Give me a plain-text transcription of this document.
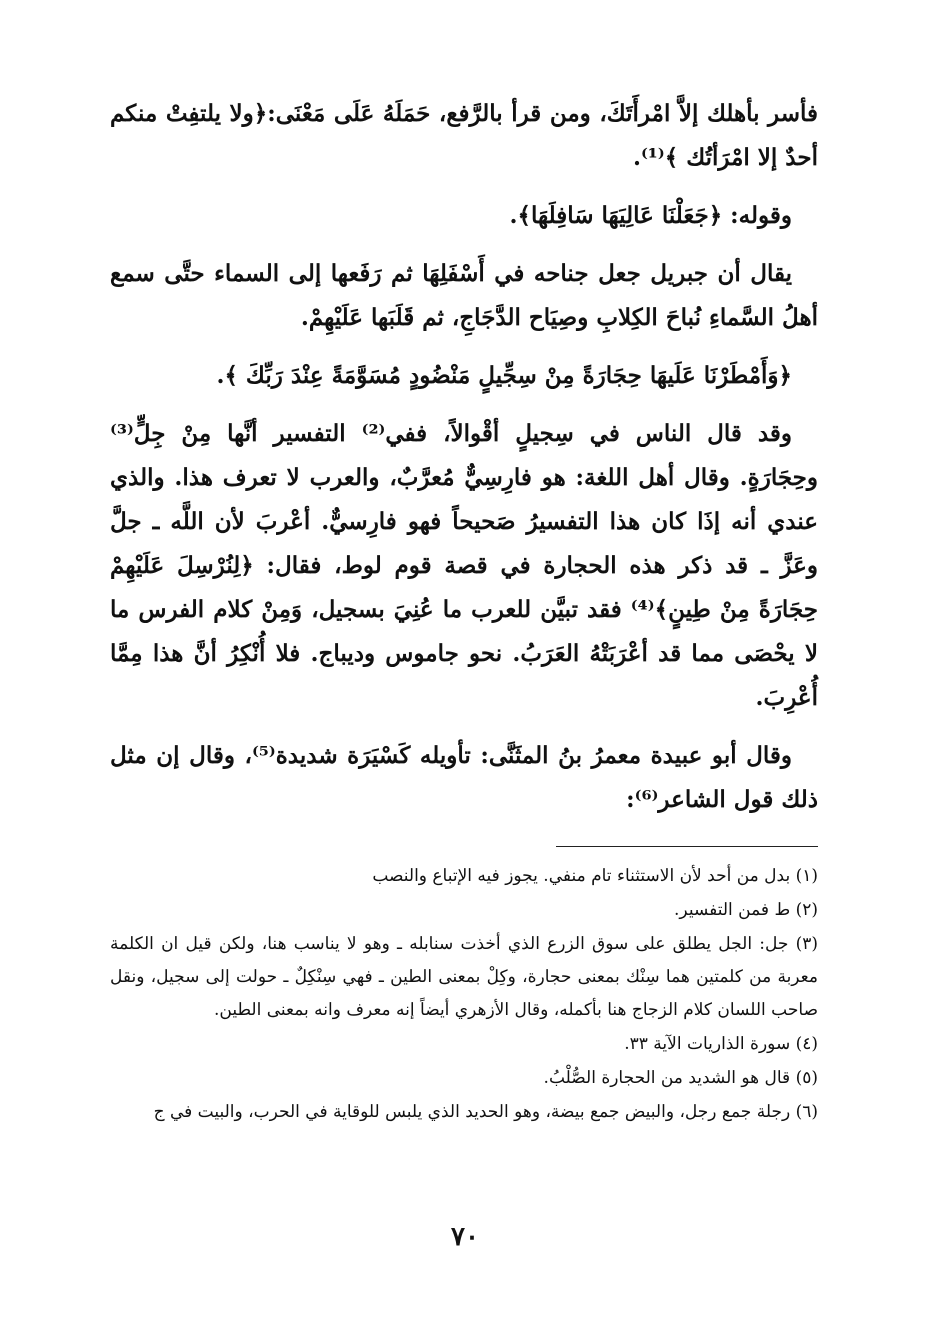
فأسر بأهلك إلاَّ امْرأَتَكَ، ومن قرأ بالرَّفع، حَمَلَهُ عَلَى مَعْنَى:﴿ولا يلتفِتْ منكم أحدٌ إلا امْرَأتُك ﴾⁽¹⁾.

وقوله: ﴿جَعَلْنَا عَالِيَهَا سَافِلَهَا﴾.

يقال أن جبريل جعل جناحه في أَسْفَلِهَا ثم رَفَعها إلى السماء حتَّى سمع أهلُ السَّماءِ نُباحَ الكِلابِ وصِيَاح الدَّجَاجِ، ثم قَلَبَها عَلَيْهِمْ.

﴿وَأَمْطَرْنَا عَلَيهَا حِجَارَةً مِنْ سِجِّيلٍ مَنْضُودٍ مُسَوَّمَةً عِنْدَ رَبِّكَ ﴾.

وقد قال الناس في سِجيلٍ أقْوالاً، ففي⁽²⁾ التفسير أنَّها مِنْ جِلٍّ⁽³⁾ وحِجَارَةٍ. وقال أهل اللغة: هو فارِسِيٌّ مُعرَّبٌ، والعرب لا تعرف هذا. والذي عندي أنه إذَا كان هذا التفسيرُ صَحيحاً فهو فارِسيٌّ. أعْربَ لأن اللَّه ـ جلَّ وعَزَّ ـ قد ذكر هذه الحجارة في قصة قوم لوط، فقال: ﴿لِنُرْسِلَ عَلَيْهِمْ حِجَارَةً مِنْ طِينٍ﴾⁽⁴⁾ فقد تبيَّن للعرب ما عُنِيَ بسجيل، وَمِنْ كلام الفرس ما لا يحْصَى مما قد أعْرَبَتْهُ العَرَبُ. نحو جاموس وديباج. فلا أُنْكِرُ أنَّ هذا مِمَّا أُعْرِبَ.

وقال أبو عبيدة معمرُ بنُ المثَنَّى: تأويله كَسْيَرَة شديدة⁽⁵⁾، وقال إن مثل ذلك قول الشاعر⁽⁶⁾:

(١) بدل من أحد لأن الاستثناء تام منفي. يجوز فيه الإتباع والنصب
(٢) ط فمن التفسير.
(٣) جل: الجل يطلق على سوق الزرع الذي أخذت سنابله ـ وهو لا يناسب هنا، ولكن قيل ان الكلمة معربة من كلمتين هما سِنْك بمعنى حجارة، وكِلْ بمعنى الطين ـ فهي سِنْكِلٌ ـ حولت إلى سجيل، ونقل صاحب اللسان كلام الزجاج هنا بأكمله، وقال الأزهري أيضاً إنه معرف وانه بمعنى الطين.
(٤) سورة الذاريات الآية ٣٣.
(٥) قال هو الشديد من الحجارة الصُّلْبُ.
(٦) رجلة جمع رجل، والبيض جمع بيضة، وهو الحديد الذي يلبس للوقاية في الحرب، والبيت في ج
٧٠
